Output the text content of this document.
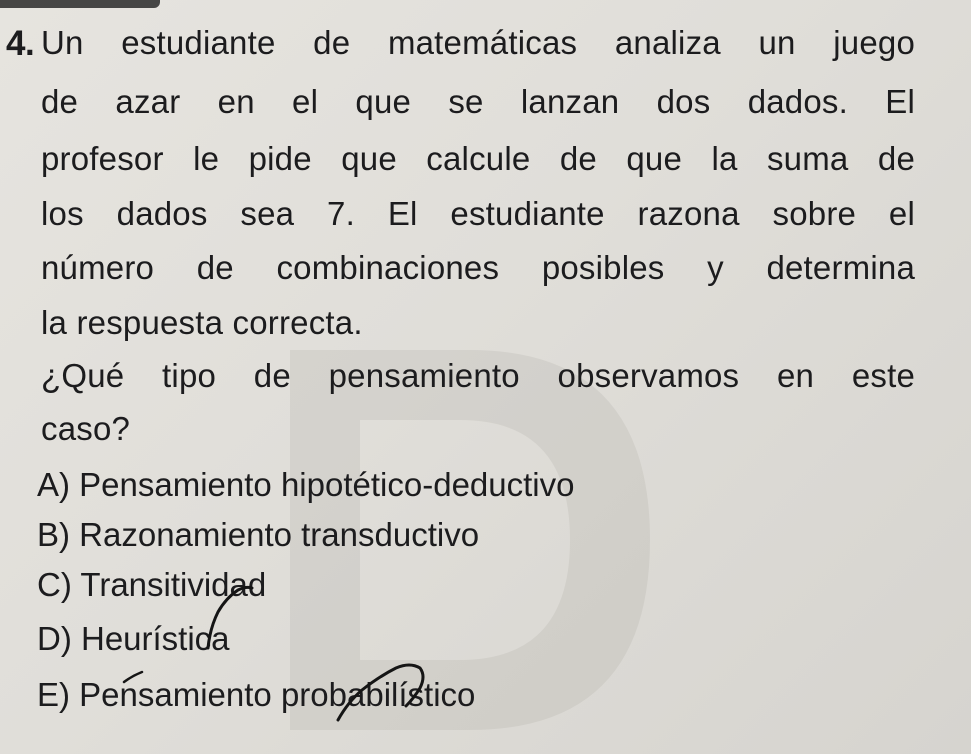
4. Un estudiante de matemáticas analiza un juego
de azar en el que se lanzan dos dados. El
profesor le pide que calcule de que la suma de
los dados sea 7. El estudiante razona sobre el
número de combinaciones posibles y determina
la respuesta correcta.
¿Qué tipo de pensamiento observamos en este
caso?
A) Pensamiento hipotético-deductivo
B) Razonamiento transductivo
C) Transitividad
D) Heurística
E) Pensamiento probabilístico
